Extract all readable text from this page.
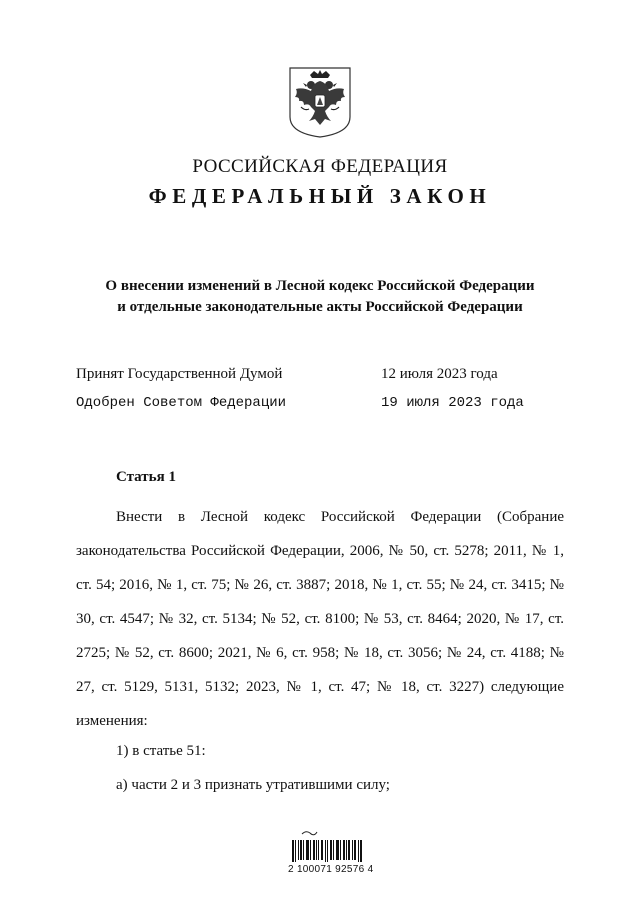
РОССИЙСКАЯ ФЕДЕРАЦИЯ
ФЕДЕРАЛЬНЫЙ ЗАКОН
О внесении изменений в Лесной кодекс Российской Федерации
и отдельные законодательные акты Российской Федерации
Принят Государственной Думой	12 июля 2023 года
Одобрен Советом Федерации	19 июля 2023 года
Статья 1

Внести в Лесной кодекс Российской Федерации (Собрание законодательства Российской Федерации, 2006, № 50, ст. 5278; 2011, № 1, ст. 54; 2016, № 1, ст. 75; № 26, ст. 3887; 2018, № 1, ст. 55; № 24, ст. 3415; № 30, ст. 4547; № 32, ст. 5134; № 52, ст. 8100; № 53, ст. 8464; 2020, № 17, ст. 2725; № 52, ст. 8600; 2021, № 6, ст. 958; № 18, ст. 3056; № 24, ст. 4188; № 27, ст. 5129, 5131, 5132; 2023, № 1, ст. 47; № 18, ст. 3227) следующие изменения:

1) в статье 51:
а) части 2 и 3 признать утратившими силу;
2 100071 92576 4
